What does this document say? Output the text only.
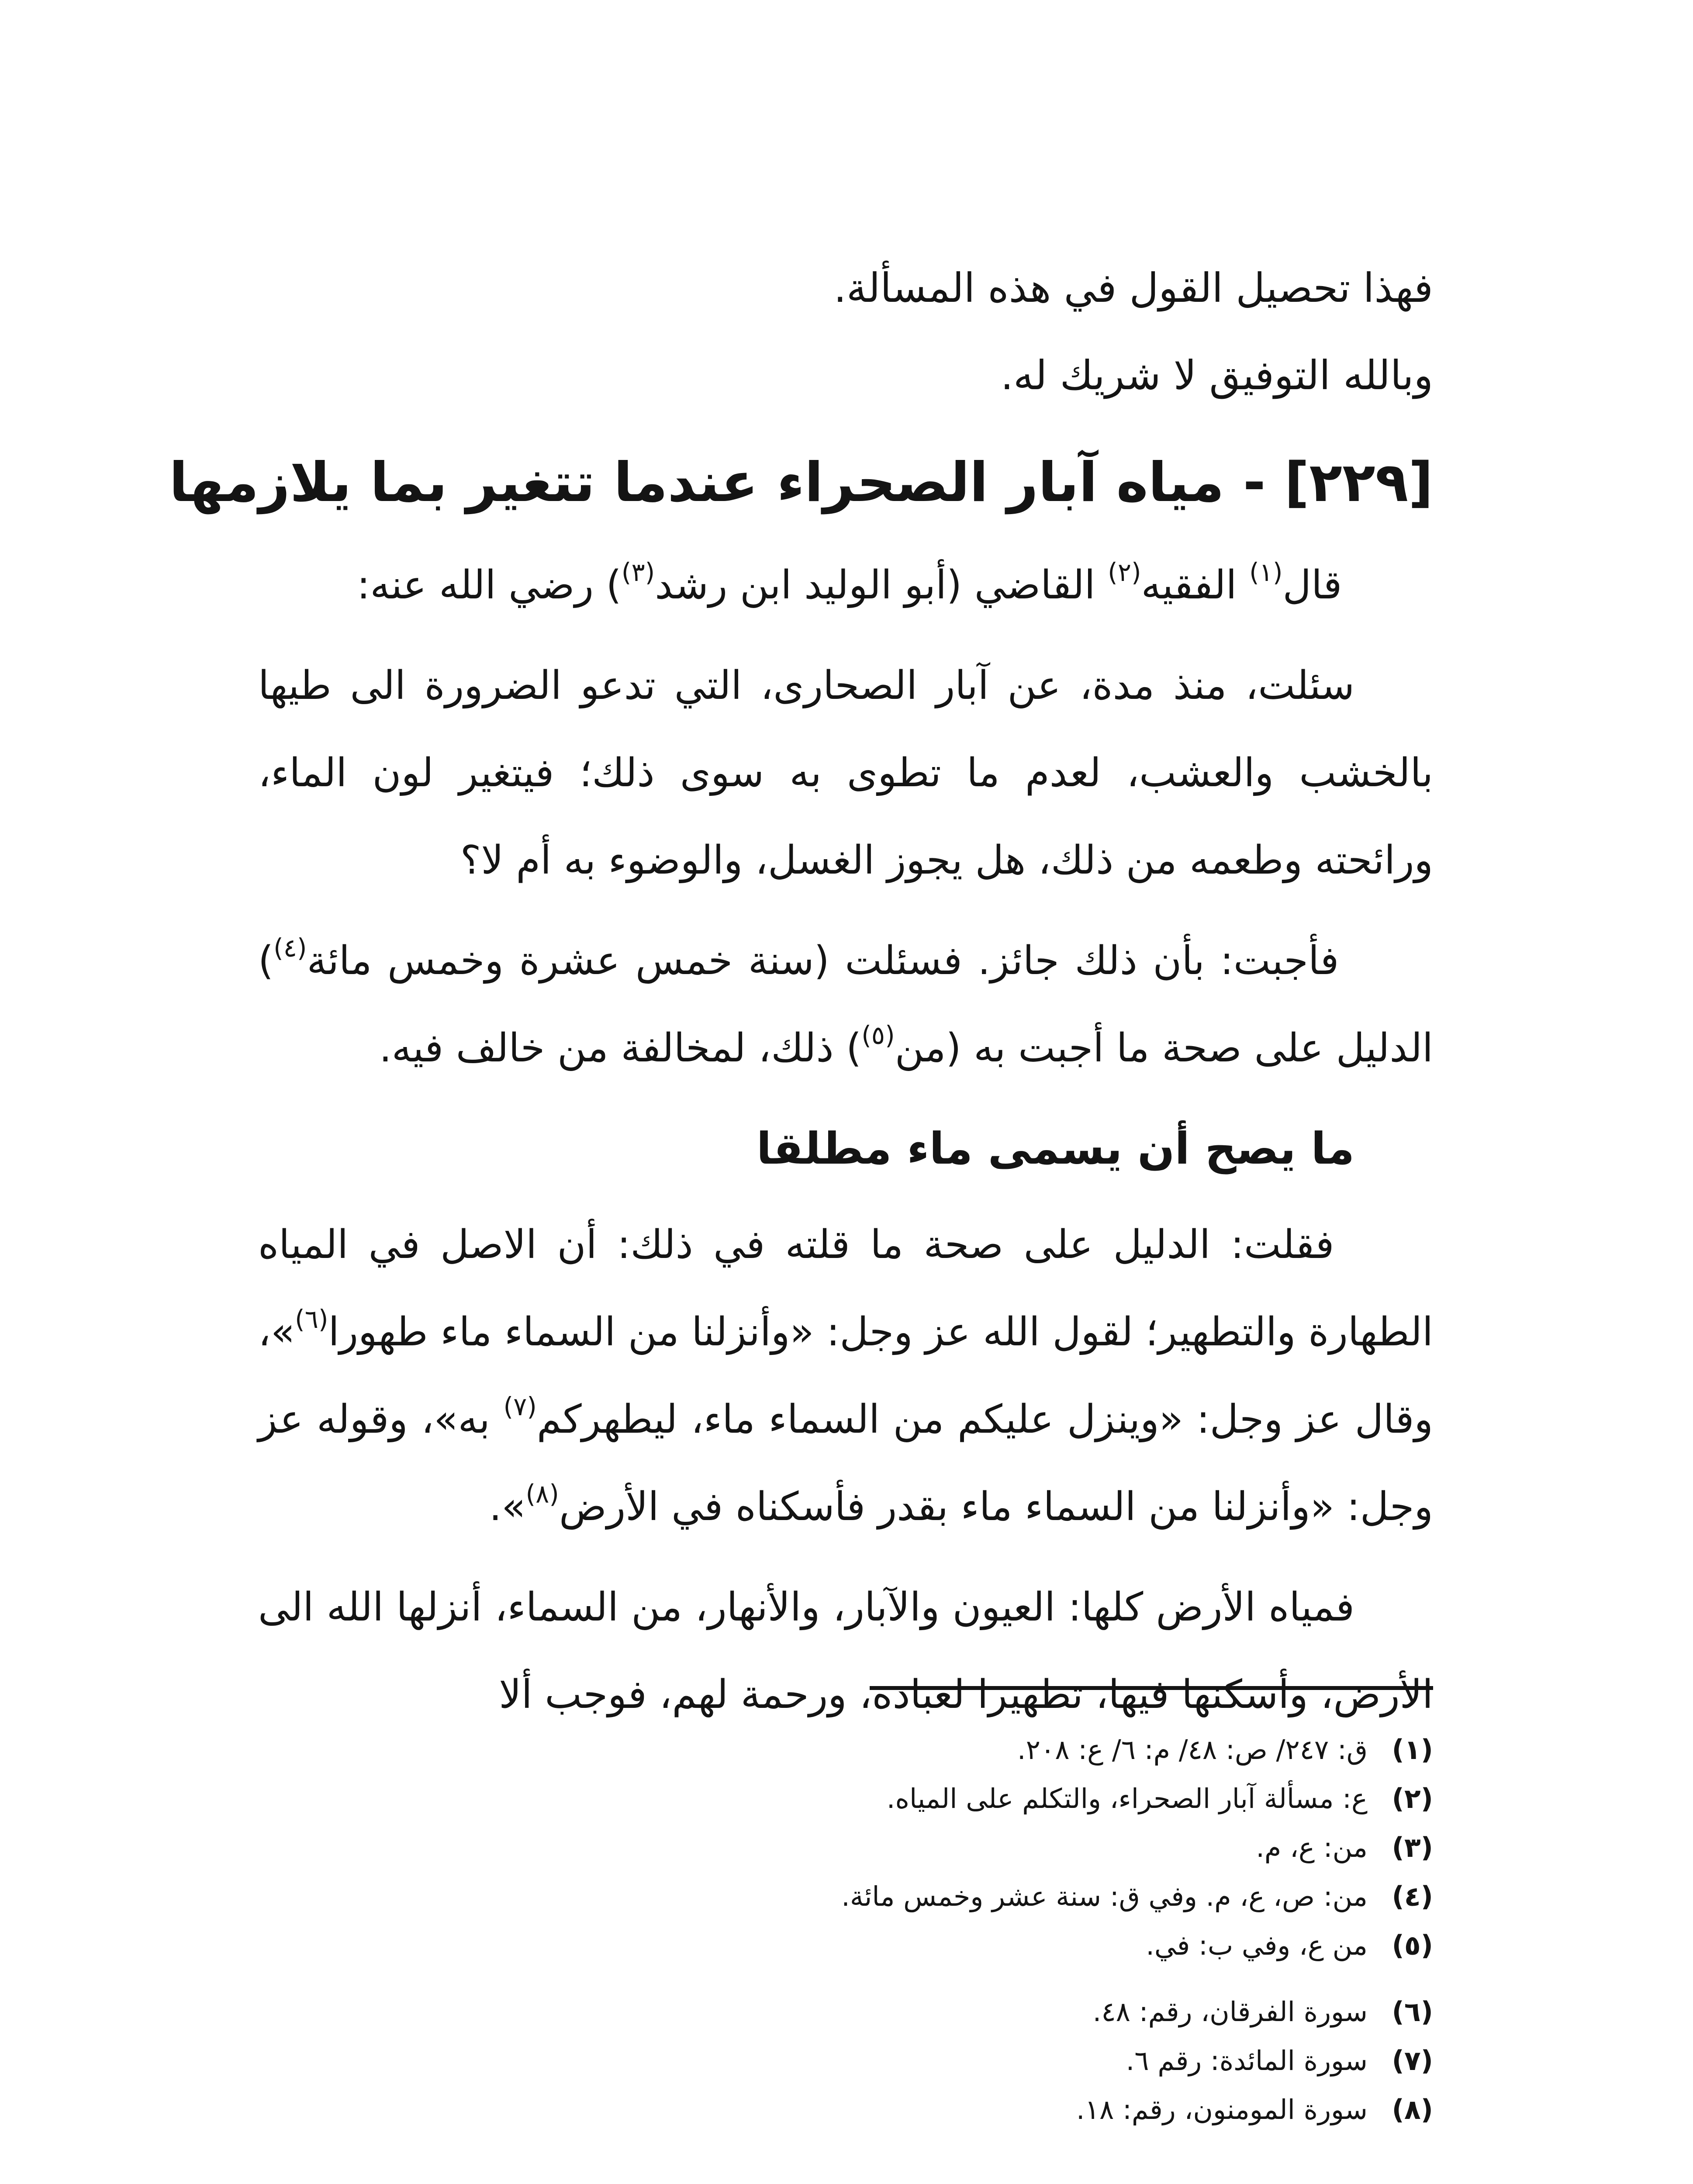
فهذا تحصيل القول في هذه المسألة.
وبالله التوفيق لا شريك له.
[٢٢٩] - مياه آبار الصحراء عندما تتغير بما يلازمها

قال$^{(١)}$ الفقيه$^{(٢)}$ القاضي (أبو الوليد ابن رشد$^{(٣)}$) رضي الله عنه:

سئلت، منذ مدة، عن آبار الصحارى، التي تدعو الضرورة الى طيها بالخشب والعشب، لعدم ما تطوى به سوى ذلك؛ فيتغير لون الماء، ورائحته وطعمه من ذلك، هل يجوز الغسل، والوضوء به أم لا؟

فأجبت: بأن ذلك جائز. فسئلت (سنة خمس عشرة وخمس مائة$^{(٤)}$) الدليل على صحة ما أجبت به (من$^{(٥)}$) ذلك، لمخالفة من خالف فيه.

ما يصح أن يسمى ماء مطلقا

فقلت: الدليل على صحة ما قلته في ذلك: أن الاصل في المياه الطهارة والتطهير؛ لقول الله عز وجل: «وأنزلنا من السماء ماء طهورا$^{(٦)}$»، وقال عز وجل: «وينزل عليكم من السماء ماء، ليطهركم$^{(٧)}$ به»، وقوله عز وجل: «وأنزلنا من السماء ماء بقدر فأسكناه في الأرض$^{(٨)}$».

فمياه الأرض كلها: العيون والآبار، والأنهار، من السماء، أنزلها الله الى الأرض، وأسكنها فيها، تطهيرا لعباده، ورحمة لهم، فوجب ألا

(١)
ق: ٢٤٧/ ص: ٤٨/ م: ٦/ ع: ٢٠٨.
(٢)
ع: مسألة آبار الصحراء، والتكلم على المياه.
(٣)
من: ع، م.
(٤)
من: ص، ع، م. وفي ق: سنة عشر وخمس مائة.
(٥)
من ع، وفي ب: في.
(٦)
سورة الفرقان، رقم: ٤٨.
(٧)
سورة المائدة: رقم ٦.
(٨)
سورة المومنون، رقم: ١٨.
